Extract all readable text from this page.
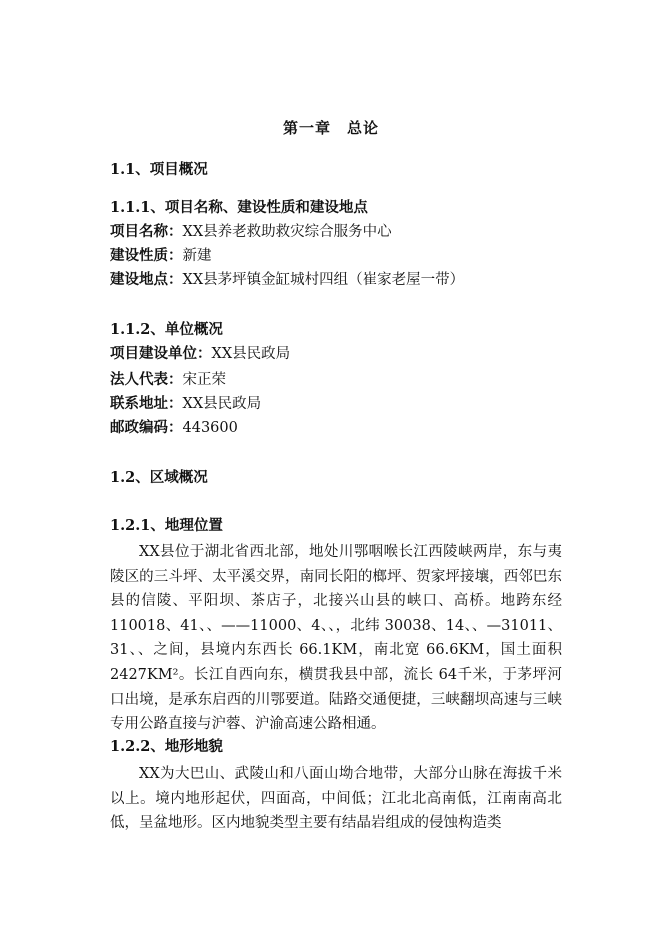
第一章 总论
1.1、项目概况
1.1.1、项目名称、建设性质和建设地点
项目名称：XX县养老救助救灾综合服务中心
建设性质：新建
建设地点：XX县茅坪镇金缸城村四组（崔家老屋一带）
1.1.2、单位概况
项目建设单位：XX县民政局
法人代表：宋正荣
联系地址：XX县民政局
邮政编码：443600
1.2、区域概况
1.2.1、地理位置
XX县位于湖北省西北部，地处川鄂咽喉长江西陵峡两岸，东与夷陵区的三斗坪、太平溪交界，南同长阳的榔坪、贺家坪接壤，西邻巴东县的信陵、平阳坝、茶店子，北接兴山县的峡口、高桥。地跨东经110018、41、、——11000、4、、，北纬 30038、14、、—31011、31、、之间，县境内东西长 66.1KM，南北宽 66.6KM，国土面积 2427KM²。长江自西向东，横贯我县中部，流长 64千米，于茅坪河口出境，是承东启西的川鄂要道。陆路交通便捷，三峡翻坝高速与三峡专用公路直接与沪蓉、沪渝高速公路相通。
1.2.2、地形地貌
XX为大巴山、武陵山和八面山坳合地带，大部分山脉在海拔千米以上。境内地形起伏，四面高，中间低；江北北高南低，江南南高北低，呈盆地形。区内地貌类型主要有结晶岩组成的侵蚀构造类
